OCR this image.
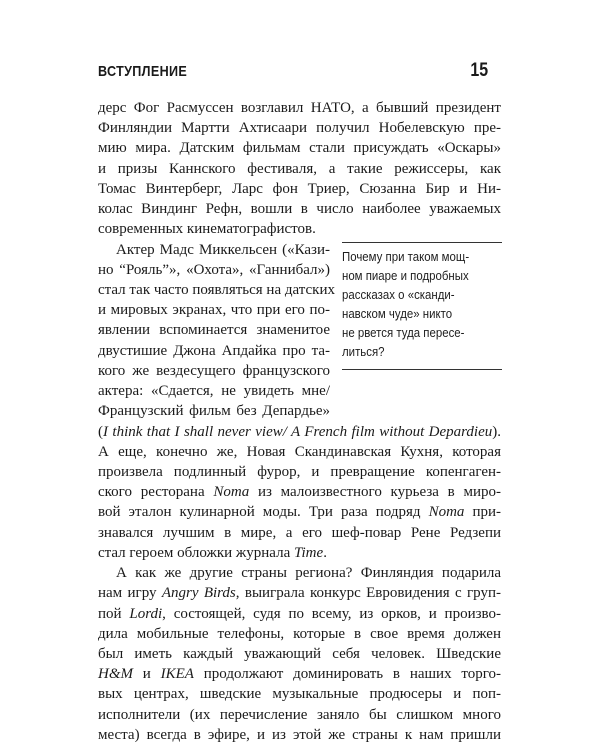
ВСТУПЛЕНИЕ	15
Почему при таком мощ-
ном пиаре и подробных
рассказах о «сканди-
навском чуде» никто
не рвется туда пересе-
литься?
дерс Фог Расмуссен возглавил НАТО, а бывший президент
Финляндии Мартти Ахтисаари получил Нобелевскую пре-
мию мира. Датским фильмам стали присуждать «Оскары»
и призы Каннского фестиваля, а такие режиссеры, как
Томас Винтерберг, Ларс фон Триер, Сюзанна Бир и Ни-
колас Виндинг Рефн, вошли в число наиболее уважаемых
современных кинематографистов.
Актер Мадс Миккельсен («Кази-
но “Рояль”», «Охота», «Ганнибал»)
стал так часто появляться на датских
и мировых экранах, что при его по-
явлении вспоминается знаменитое
двустишие Джона Апдайка про та-
кого же вездесущего французского
актера: «Сдается, не увидеть мне/
Французский фильм без Депардье»
(I think that I shall never view/ A French film without Depardieu).
А еще, конечно же, Новая Скандинавская Кухня, которая
произвела подлинный фурор, и превращение копенгаген-
ского ресторана Noma из малоизвестного курьеза в миро-
вой эталон кулинарной моды. Три раза подряд Noma при-
знавался лучшим в мире, а его шеф-повар Рене Редзепи
стал героем обложки журнала Time.
А как же другие страны региона? Финляндия подарила
нам игру Angry Birds, выиграла конкурс Евровидения с груп-
пой Lordi, состоящей, судя по всему, из орков, и произво-
дила мобильные телефоны, которые в свое время должен
был иметь каждый уважающий себя человек. Шведские
H&M и IKEA продолжают доминировать в наших торго-
вых центрах, шведские музыкальные продюсеры и поп-
исполнители (их перечисление заняло бы слишком много
места) всегда в эфире, и из этой же страны к нам пришли
